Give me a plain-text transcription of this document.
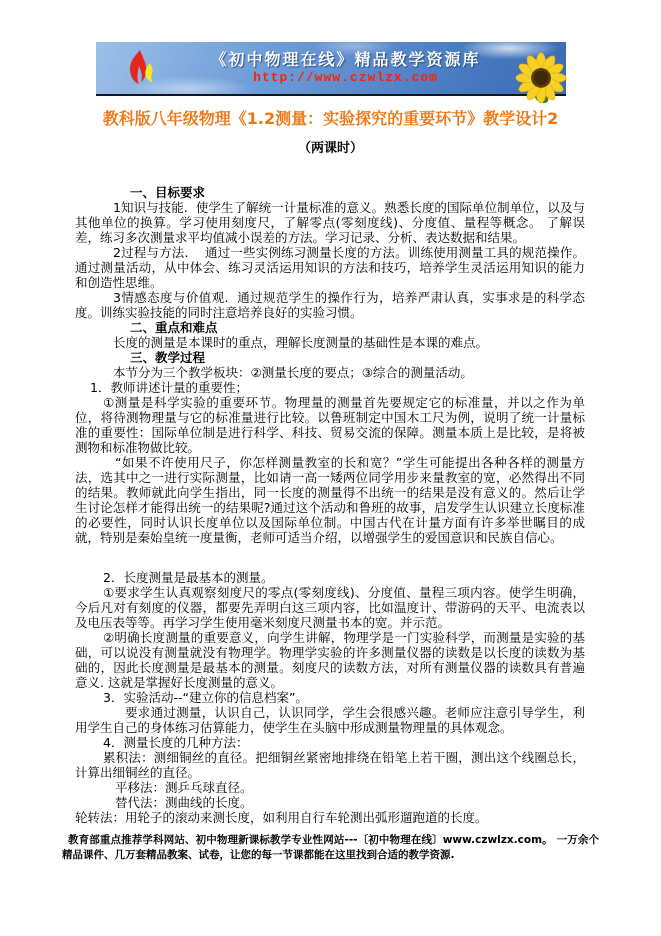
《初中物理在线》精品教学资源库
http://www.czwlzx.com
教科版八年级物理《1.2测量：实验探究的重要环节》教学设计2
（两课时）

一、目标要求

1知识与技能.  使学生了解统一计量标准的意义。熟悉长度的国际单位制单位，以及与其他单位的换算。学习使用刻度尺，了解零点(零刻度线)、分度值、量程等概念。 了解误差，练习多次测量求平均值减小误差的方法。学习记录、分析、表达数据和结果。

2过程与方法.    通过一些实例练习测量长度的方法。训练使用测量工具的规范操作。 通过测量活动，从中体会、练习灵活运用知识的方法和技巧，培养学生灵活运用知识的能力和创造性思维。

3情感态度与价值观.  通过规范学生的操作行为，培养严肃认真，实事求是的科学态度。训练实验技能的同时注意培养良好的实验习惯。

二、重点和难点

长度的测量是本课时的重点，理解长度测量的基础性是本课的难点。

三、教学过程

本节分为三个教学板块：②测量长度的要点；③综合的测量活动。

1．教师讲述计量的重要性；

①测量是科学实验的重要环节。物理量的测量首先要规定它的标准量，并以之作为单位，将待测物理量与它的标准量进行比较。以鲁班制定中国木工尺为例，说明了统一计量标准的重要性：国际单位制是进行科学、科技、贸易交流的保障。测量本质上是比较，是将被测物和标准物做比较。

“如果不许使用尺子，你怎样测量教室的长和宽？”学生可能提出各种各样的测量方法，选其中之一进行实际测量，比如请一高一矮两位同学用步来量教室的宽，必然得出不同的结果。教师就此向学生指出，同一长度的测量得不出统一的结果是没有意义的。然后让学生讨论怎样才能得出统一的结果呢?通过这个活动和鲁班的故事，启发学生认识建立长度标准的必要性，同时认识长度单位以及国际单位制。中国古代在计量方面有许多举世瞩目的成就，特别是秦始皇统一度量衡，老师可适当介绍，以增强学生的爱国意识和民族自信心。

2．长度测量是最基本的测量。

①要求学生认真观察刻度尺的零点(零刻度线)、分度值、量程三项内容。使学生明确，今后凡对有刻度的仪器，都要先弄明白这三项内容，比如温度计、带游码的天平、电流表以及电压表等等。再学习学生使用毫米刻度尺测量书本的宽。并示范。

②明确长度测量的重要意义，向学生讲解，物理学是一门实验科学，而测量是实验的基础，可以说没有测量就没有物理学。物理学实验的许多测量仪器的读数是以长度的读数为基础的，因此长度测量是最基本的测量。刻度尺的读数方法，对所有测量仪器的读数具有普遍意义. 这就是掌握好长度测量的意义。

3．实验活动--“建立你的信息档案”。

要求通过测量，认识自己，认识同学，学生会很感兴趣。老师应注意引导学生，利用学生自己的身体练习估算能力，使学生在头脑中形成测量物理量的具体观念。

4．测量长度的几种方法：

累积法：测细铜丝的直径。把细铜丝紧密地排绕在铅笔上若干圈，测出这个线圈总长，计算出细铜丝的直径。

平移法：测乒乓球直径。

替代法：测曲线的长度。

轮转法：用轮子的滚动来测长度，如利用自行车轮测出弧形遛跑道的长度。

教育部重点推荐学科网站、初中物理新课标教学专业性网站---〔初中物理在线〕www.czwlzx.com。 一万余个精品课件、几万套精品教案、试卷，让您的每一节课都能在这里找到合适的教学资源.
